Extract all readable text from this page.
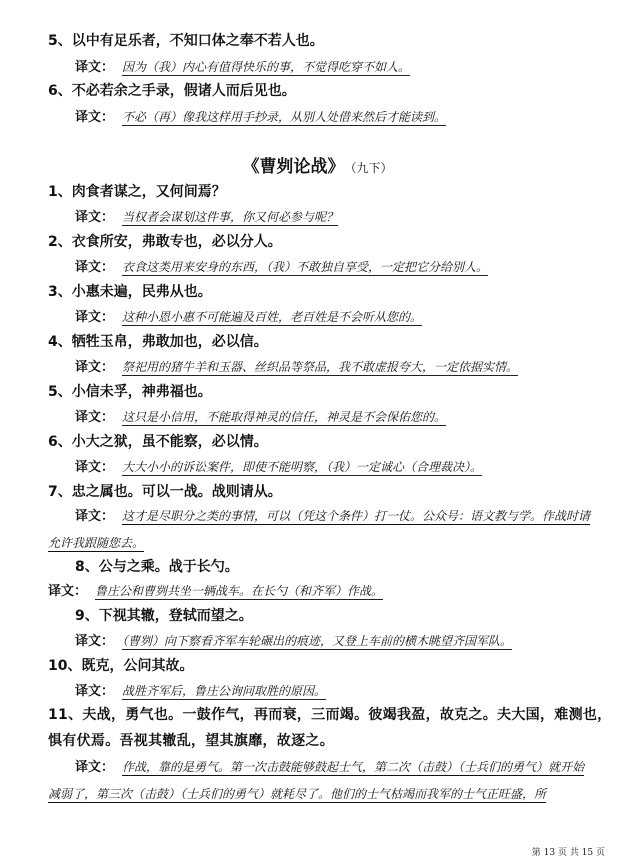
5、以中有足乐者，不知口体之奉不若人也。
译文： 因为（我）内心有值得快乐的事，不觉得吃穿不如人。
6、不必若余之手录，假诸人而后见也。
译文： 不必（再）像我这样用手抄录，从别人处借来然后才能读到。
《曹刿论战》 （九下）
1、肉食者谋之，又何间焉？
译文： 当权者会谋划这件事，你又何必参与呢？
2、衣食所安，弗敢专也，必以分人。
译文： 衣食这类用来安身的东西，（我）不敢独自享受，一定把它分给别人。
3、小惠未遍，民弗从也。
译文： 这种小恩小惠不可能遍及百姓，老百姓是不会听从您的。
4、牺牲玉帛，弗敢加也，必以信。
译文： 祭祀用的猪牛羊和玉器、丝织品等祭品，我不敢虚报夸大，一定依据实情。
5、小信未孚，神弗福也。
译文： 这只是小信用，不能取得神灵的信任，神灵是不会保佑您的。
6、小大之狱，虽不能察，必以情。
译文： 大大小小的诉讼案件，即使不能明察，（我）一定诚心（合理裁决）。
7、忠之属也。可以一战。战则请从。
译文： 这才是尽职分之类的事情，可以（凭这个条件）打一仗。公众号：语文教与学。作战时请允许我跟随您去。
8、公与之乘。战于长勺。
译文： 鲁庄公和曹刿共坐一辆战车。在长勺（和齐军）作战。
9、下视其辙，登轼而望之。
译文： （曹刿）向下察看齐军车轮碾出的痕迹，又登上车前的横木眺望齐国军队。
10、既克，公问其故。
译文： 战胜齐军后，鲁庄公询问取胜的原因。
11、夫战，勇气也。一鼓作气，再而衰，三而竭。彼竭我盈，故克之。夫大国，难测也，惧有伏焉。吾视其辙乱，望其旗靡，故逐之。
译文： 作战，靠的是勇气。第一次击鼓能够鼓起士气，第二次（击鼓）（士兵们的勇气）就开始减弱了，第三次（击鼓）（士兵们的勇气）就耗尽了。他们的士气枯竭而我军的士气正旺盛，所
第 13 页 共 15 页
